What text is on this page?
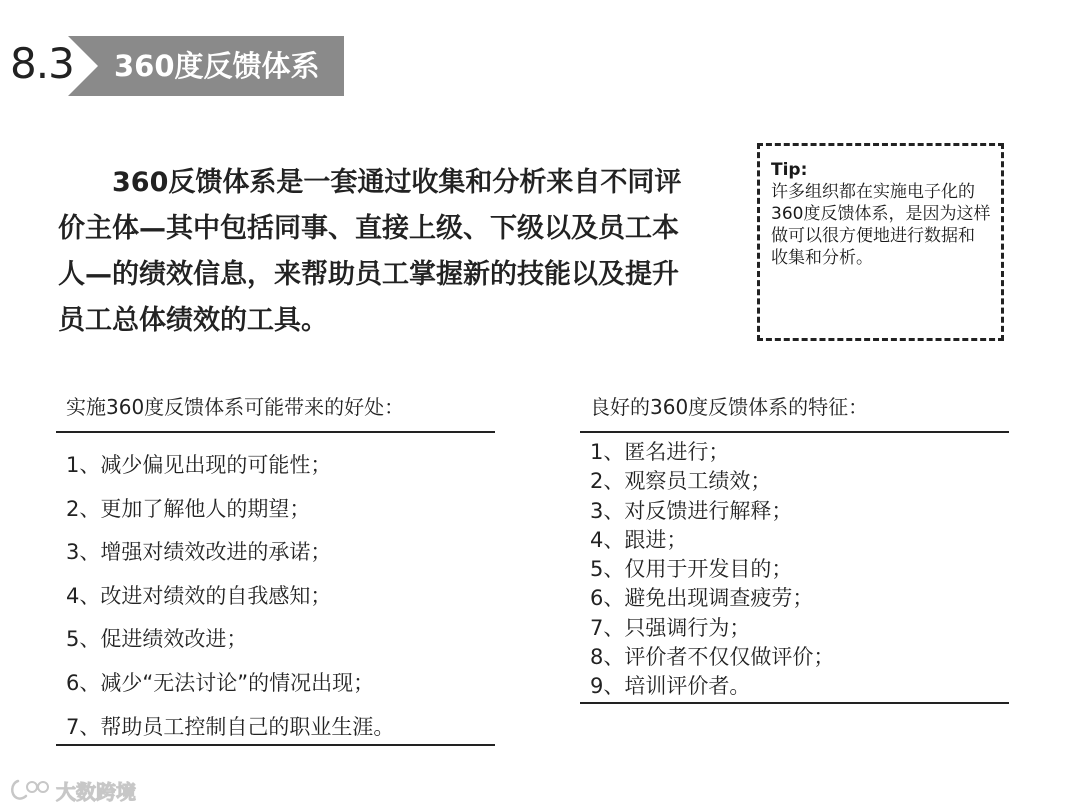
8.3 360度反馈体系
360反馈体系是一套通过收集和分析来自不同评价主体—其中包括同事、直接上级、下级以及员工本人—的绩效信息，来帮助员工掌握新的技能以及提升员工总体绩效的工具。
Tip:
许多组织都在实施电子化的360度反馈体系，是因为这样做可以很方便地进行数据和收集和分析。
实施360度反馈体系可能带来的好处：
1、减少偏见出现的可能性；
2、更加了解他人的期望；
3、增强对绩效改进的承诺；
4、改进对绩效的自我感知；
5、促进绩效改进；
6、减少“无法讨论”的情况出现；
7、帮助员工控制自己的职业生涯。
良好的360度反馈体系的特征：
1、匿名进行；
2、观察员工绩效；
3、对反馈进行解释；
4、跟进；
5、仅用于开发目的；
6、避免出现调查疲劳；
7、只强调行为；
8、评价者不仅仅做评价；
9、培训评价者。
大数跨境
